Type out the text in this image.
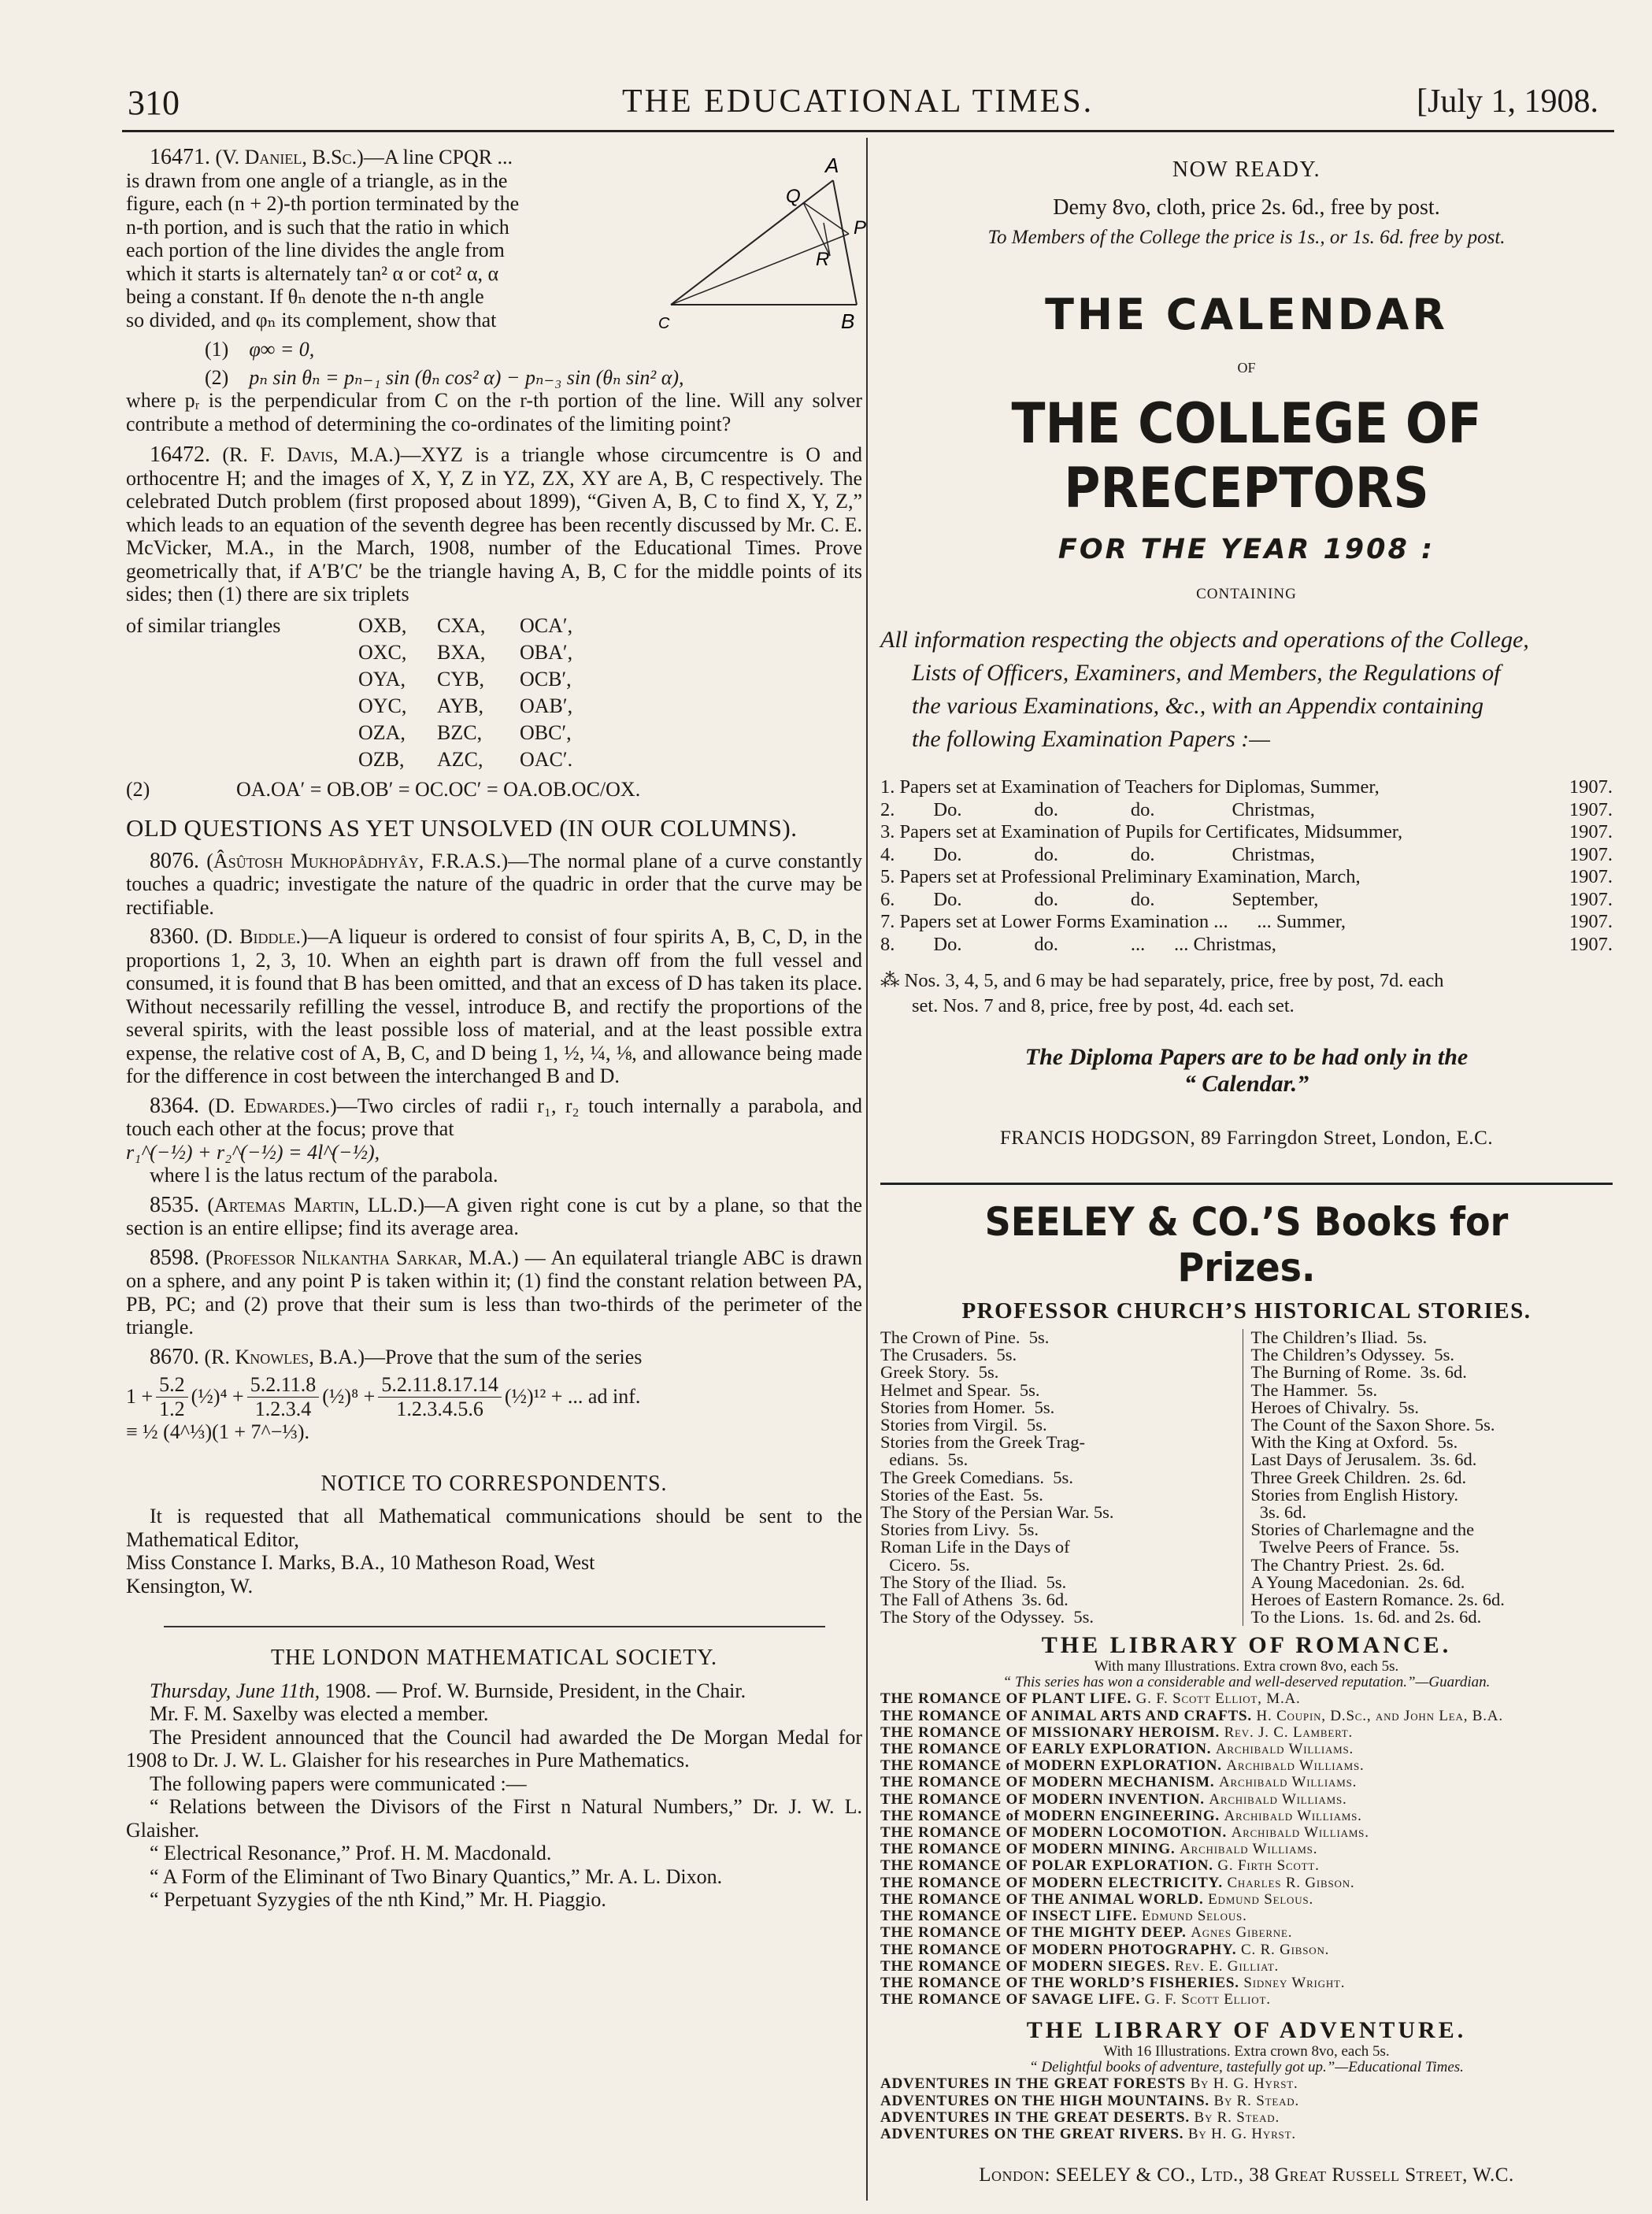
310	THE EDUCATIONAL TIMES.	[July 1, 1908.
A
Q
P
R
B
C

16471. (V. Daniel, B.Sc.)—A line CPQR ...

is drawn from one angle of a triangle, as in the

figure, each (n + 2)-th portion terminated by the

n-th portion, and is such that the ratio in which

each portion of the line divides the angle from

which it starts is alternately tan² α or cot² α, α

being a constant. If θₙ denote the n-th angle

so divided, and φₙ its complement, show that

(1) φ∞ = 0,

(2) pₙ sin θₙ = pₙ₋₁ sin (θₙ cos² α) − pₙ₋₃ sin (θₙ sin² α),

where pᵣ is the perpendicular from C on the r-th portion of the line. Will any solver contribute a method of determining the co-ordinates of the limiting point?

16472. (R. F. Davis, M.A.)—XYZ is a triangle whose circumcentre is O and orthocentre H; and the images of X, Y, Z in YZ, ZX, XY are A, B, C respectively. The celebrated Dutch problem (first proposed about 1899), “Given A, B, C to find X, Y, Z,” which leads to an equation of the seventh degree has been recently discussed by Mr. C. E. McVicker, M.A., in the March, 1908, number of the Educational Times. Prove geometrically that, if A′B′C′ be the triangle having A, B, C for the middle points of its sides; then (1) there are six triplets

of similar triangles	OXB,	CXA,	OCA′,
OXC,	BXA,	OBA′,
OYA,	CYB,	OCB′,
OYC,	AYB,	OAB′,
OZA,	BZC,	OBC′,
OZB,	AZC,	OAC′.
(2)	OA.OA′ = OB.OB′ = OC.OC′ = OA.OB.OC/OX.
OLD QUESTIONS AS YET UNSOLVED (IN OUR COLUMNS).

8076. (Âsûtosh Mukhopâdhyây, F.R.A.S.)—The normal plane of a curve constantly touches a quadric; investigate the nature of the quadric in order that the curve may be rectifiable.

8360. (D. Biddle.)—A liqueur is ordered to consist of four spirits A, B, C, D, in the proportions 1, 2, 3, 10. When an eighth part is drawn off from the full vessel and consumed, it is found that B has been omitted, and that an excess of D has taken its place. Without necessarily refilling the vessel, introduce B, and rectify the proportions of the several spirits, with the least possible loss of material, and at the least possible extra expense, the relative cost of A, B, C, and D being 1, ½, ¼, ⅛, and allowance being made for the difference in cost between the interchanged B and D.

8364. (D. Edwardes.)—Two circles of radii r₁, r₂ touch internally a parabola, and touch each other at the focus; prove that

r₁^(−½) + r₂^(−½) = 4l^(−½),

where l is the latus rectum of the parabola.

8535. (Artemas Martin, LL.D.)—A given right cone is cut by a plane, so that the section is an entire ellipse; find its average area.

8598. (Professor Nilkantha Sarkar, M.A.) — An equilateral triangle ABC is drawn on a sphere, and any point P is taken within it; (1) find the constant relation between PA, PB, PC; and (2) prove that their sum is less than two-thirds of the perimeter of the triangle.

8670. (R. Knowles, B.A.)—Prove that the sum of the series

$1 + \frac{5.2}{1.2}$ (½)⁴ + $\frac{5.2.11.8}{1.2.3.4}$ (½)⁸ + $\frac{5.2.11.8.17.14}{1.2.3.4.5.6}$ (½)¹² + ... ad inf.

≡ ½ (4^⅓)(1 + 7^−⅓).

NOTICE TO CORRESPONDENTS.

It is requested that all Mathematical communications should be sent to the Mathematical Editor,

Miss Constance I. Marks, B.A., 10 Matheson Road, West

Kensington, W.

THE LONDON MATHEMATICAL SOCIETY.

Thursday, June 11th, 1908. — Prof. W. Burnside, President, in the Chair.

Mr. F. M. Saxelby was elected a member.

The President announced that the Council had awarded the De Morgan Medal for 1908 to Dr. J. W. L. Glaisher for his researches in Pure Mathematics.

The following papers were communicated :—

“ Relations between the Divisors of the First n Natural Numbers,” Dr. J. W. L. Glaisher.

“ Electrical Resonance,” Prof. H. M. Macdonald.

“ A Form of the Eliminant of Two Binary Quantics,” Mr. A. L. Dixon.

“ Perpetuant Syzygies of the nth Kind,” Mr. H. Piaggio.

NOW READY.
Demy 8vo, cloth, price 2s. 6d., free by post.
To Members of the College the price is 1s., or 1s. 6d. free by post.
THE CALENDAR
OF
THE COLLEGE OF PRECEPTORS
FOR THE YEAR 1908 :
CONTAINING
All information respecting the objects and operations of the College,
Lists of Officers, Examiners, and Members, the Regulations of
the various Examinations, &c., with an Appendix containing
the following Examination Papers :—
1. Papers set at Examination of Teachers for Diplomas, Summer,	1907.
2.        Do.               do.               do.                Christmas,	1907.
3. Papers set at Examination of Pupils for Certificates, Midsummer,	1907.
4.        Do.               do.               do.                Christmas,	1907.
5. Papers set at Professional Preliminary Examination, March,	1907.
6.        Do.               do.               do.                September,	1907.
7. Papers set at Lower Forms Examination ...      ... Summer,	1907.
8.        Do.               do.               ...      ... Christmas,	1907.
⁂ Nos. 3, 4, 5, and 6 may be had separately, price, free by post, 7d. each
set. Nos. 7 and 8, price, free by post, 4d. each set.
The Diploma Papers are to be had only in the
“ Calendar.”
FRANCIS HODGSON, 89 Farringdon Street, London, E.C.
SEELEY & CO.’S Books for Prizes.
PROFESSOR CHURCH’S HISTORICAL STORIES.
The Crown of Pine.  5s.
The Crusaders.  5s.
Greek Story.  5s.
Helmet and Spear.  5s.
Stories from Homer.  5s.
Stories from Virgil.  5s.
Stories from the Greek Trag-
edians.  5s.
The Greek Comedians.  5s.
Stories of the East.  5s.
The Story of the Persian War. 5s.
Stories from Livy.  5s.
Roman Life in the Days of
Cicero.  5s.
The Story of the Iliad.  5s.
The Fall of Athens  3s. 6d.
The Story of the Odyssey.  5s.
The Children’s Iliad.  5s.
The Children’s Odyssey.  5s.
The Burning of Rome.  3s. 6d.
The Hammer.  5s.
Heroes of Chivalry.  5s.
The Count of the Saxon Shore. 5s.
With the King at Oxford.  5s.
Last Days of Jerusalem.  3s. 6d.
Three Greek Children.  2s. 6d.
Stories from English History.
3s. 6d.
Stories of Charlemagne and the
Twelve Peers of France.  5s.
The Chantry Priest.  2s. 6d.
A Young Macedonian.  2s. 6d.
Heroes of Eastern Romance. 2s. 6d.
To the Lions.  1s. 6d. and 2s. 6d.
THE LIBRARY OF ROMANCE.
With many Illustrations. Extra crown 8vo, each 5s.
“ This series has won a considerable and well-deserved reputation.”—Guardian.
THE ROMANCE OF PLANT LIFE. G. F. Scott Elliot, M.A.
THE ROMANCE OF ANIMAL ARTS AND CRAFTS. H. Coupin, D.Sc., and John Lea, B.A.
THE ROMANCE OF MISSIONARY HEROISM. Rev. J. C. Lambert.
THE ROMANCE OF EARLY EXPLORATION. Archibald Williams.
THE ROMANCE of MODERN EXPLORATION. Archibald Williams.
THE ROMANCE OF MODERN MECHANISM. Archibald Williams.
THE ROMANCE OF MODERN INVENTION. Archibald Williams.
THE ROMANCE of MODERN ENGINEERING. Archibald Williams.
THE ROMANCE OF MODERN LOCOMOTION. Archibald Williams.
THE ROMANCE OF MODERN MINING. Archibald Williams.
THE ROMANCE OF POLAR EXPLORATION. G. Firth Scott.
THE ROMANCE OF MODERN ELECTRICITY. Charles R. Gibson.
THE ROMANCE OF THE ANIMAL WORLD. Edmund Selous.
THE ROMANCE OF INSECT LIFE. Edmund Selous.
THE ROMANCE OF THE MIGHTY DEEP. Agnes Giberne.
THE ROMANCE OF MODERN PHOTOGRAPHY. C. R. Gibson.
THE ROMANCE OF MODERN SIEGES. Rev. E. Gilliat.
THE ROMANCE OF THE WORLD’S FISHERIES. Sidney Wright.
THE ROMANCE OF SAVAGE LIFE. G. F. Scott Elliot.
THE LIBRARY OF ADVENTURE.
With 16 Illustrations. Extra crown 8vo, each 5s.
“ Delightful books of adventure, tastefully got up.”—Educational Times.
ADVENTURES IN THE GREAT FORESTS By H. G. Hyrst.
ADVENTURES ON THE HIGH MOUNTAINS. By R. Stead.
ADVENTURES IN THE GREAT DESERTS. By R. Stead.
ADVENTURES ON THE GREAT RIVERS. By H. G. Hyrst.
London: SEELEY & CO., Ltd., 38 Great Russell Street, W.C.
